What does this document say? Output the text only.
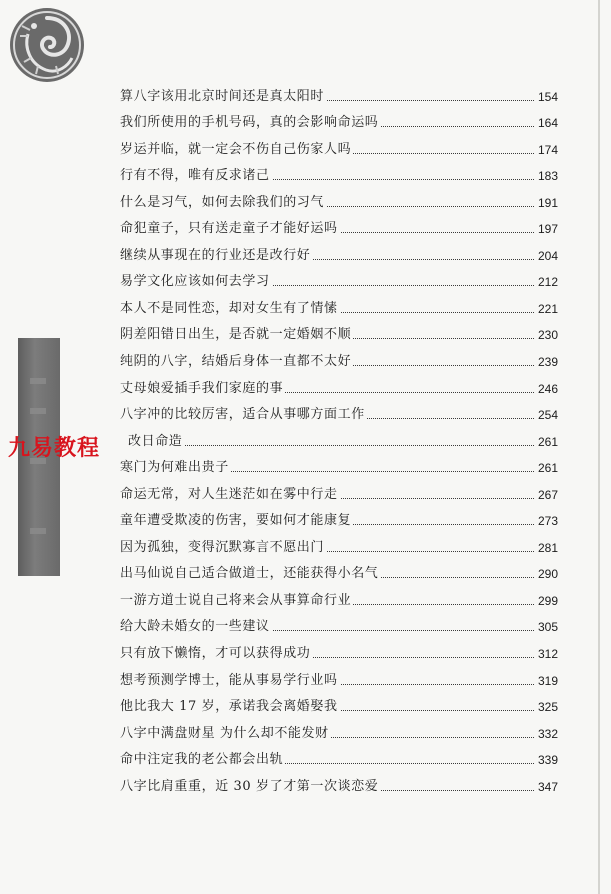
算八字该用北京时间还是真太阳时	154
我们所使用的手机号码，真的会影响命运吗	164
岁运并临，就一定会不伤自己伤家人吗	174
行有不得，唯有反求诸己	183
什么是习气，如何去除我们的习气	191
命犯童子，只有送走童子才能好运吗	197
继续从事现在的行业还是改行好	204
易学文化应该如何去学习	212
本人不是同性恋，却对女生有了情愫	221
阴差阳错日出生，是否就一定婚姻不顺	230
纯阴的八字，结婚后身体一直都不太好	239
丈母娘爱插手我们家庭的事	246
八字冲的比较厉害，适合从事哪方面工作	254
改日命造	261
寒门为何难出贵子	261
命运无常，对人生迷茫如在雾中行走	267
童年遭受欺凌的伤害，要如何才能康复	273
因为孤独，变得沉默寡言不愿出门	281
出马仙说自己适合做道士，还能获得小名气	290
一游方道士说自己将来会从事算命行业	299
给大龄未婚女的一些建议	305
只有放下懒惰，才可以获得成功	312
想考预测学博士，能从事易学行业吗	319
他比我大 17 岁，承诺我会离婚娶我	325
八字中满盘财星 为什么却不能发财	332
命中注定我的老公都会出轨	339
八字比肩重重，近 30 岁了才第一次谈恋爱	347
九易教程
